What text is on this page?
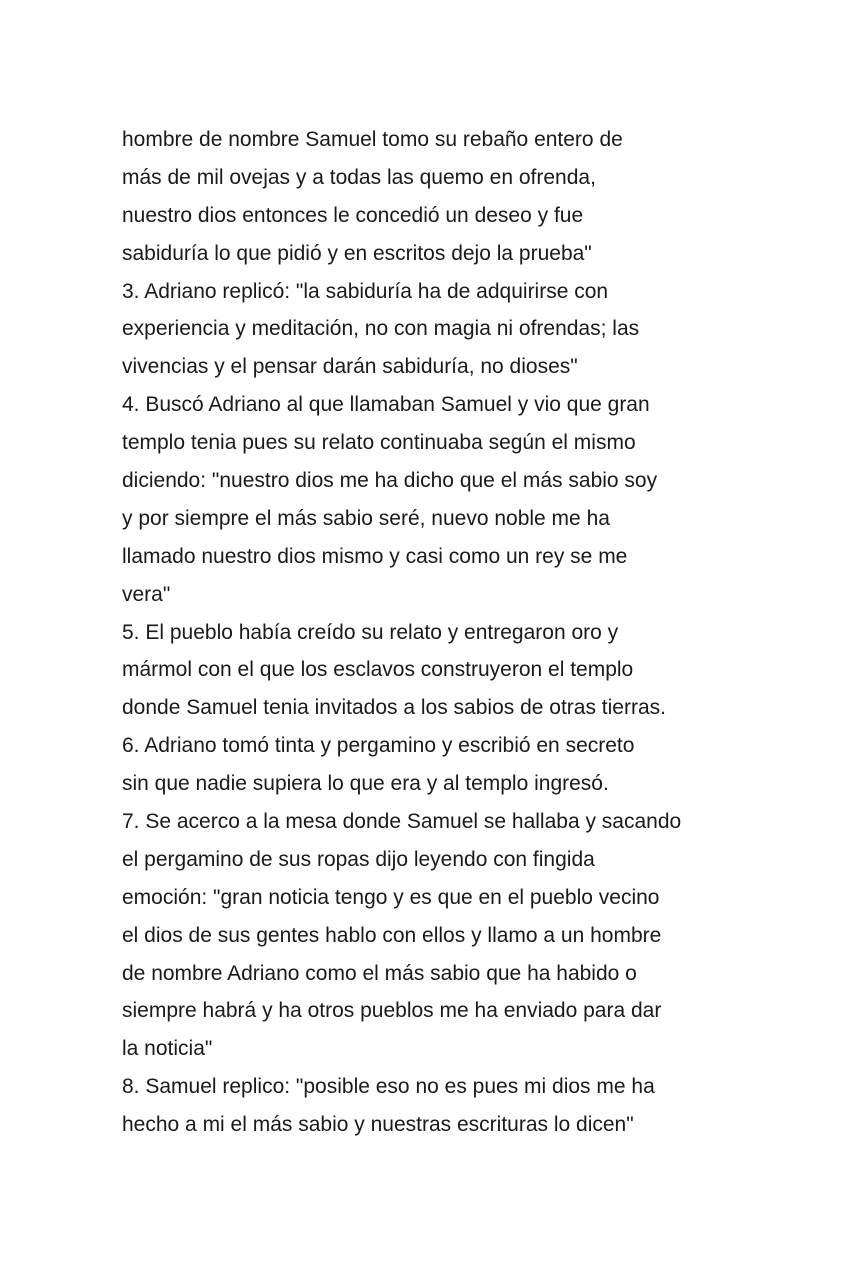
hombre de nombre Samuel tomo su rebaño entero de
más de mil ovejas y a todas las quemo en ofrenda,
nuestro dios entonces le concedió un deseo y fue
sabiduría lo que pidió y en escritos dejo la prueba"
3. Adriano replicó: "la sabiduría ha de adquirirse con
experiencia y meditación, no con magia ni ofrendas; las
vivencias y el pensar darán sabiduría, no dioses"
4. Buscó Adriano al que llamaban Samuel y vio que gran
templo tenia pues su relato continuaba según el mismo
diciendo: "nuestro dios me ha dicho que el más sabio soy
y por siempre el más sabio seré, nuevo noble me ha
llamado nuestro dios mismo y casi como un rey se me
vera"
5. El pueblo había creído su relato y entregaron oro y
mármol con el que los esclavos construyeron el templo
donde Samuel tenia invitados a los sabios de otras tierras.
6. Adriano tomó tinta y pergamino y escribió en secreto
sin que nadie supiera lo que era y al templo ingresó.
7. Se acerco a la mesa donde Samuel se hallaba y sacando
el pergamino de sus ropas dijo leyendo con fingida
emoción: "gran noticia tengo y es que en el pueblo vecino
el dios de sus gentes hablo con ellos y llamo a un hombre
de nombre Adriano como el más sabio que ha habido o
siempre habrá y ha otros pueblos me ha enviado para dar
la noticia"
8. Samuel replico: "posible eso no es pues mi dios me ha
hecho a mi el más sabio y nuestras escrituras lo dicen"
